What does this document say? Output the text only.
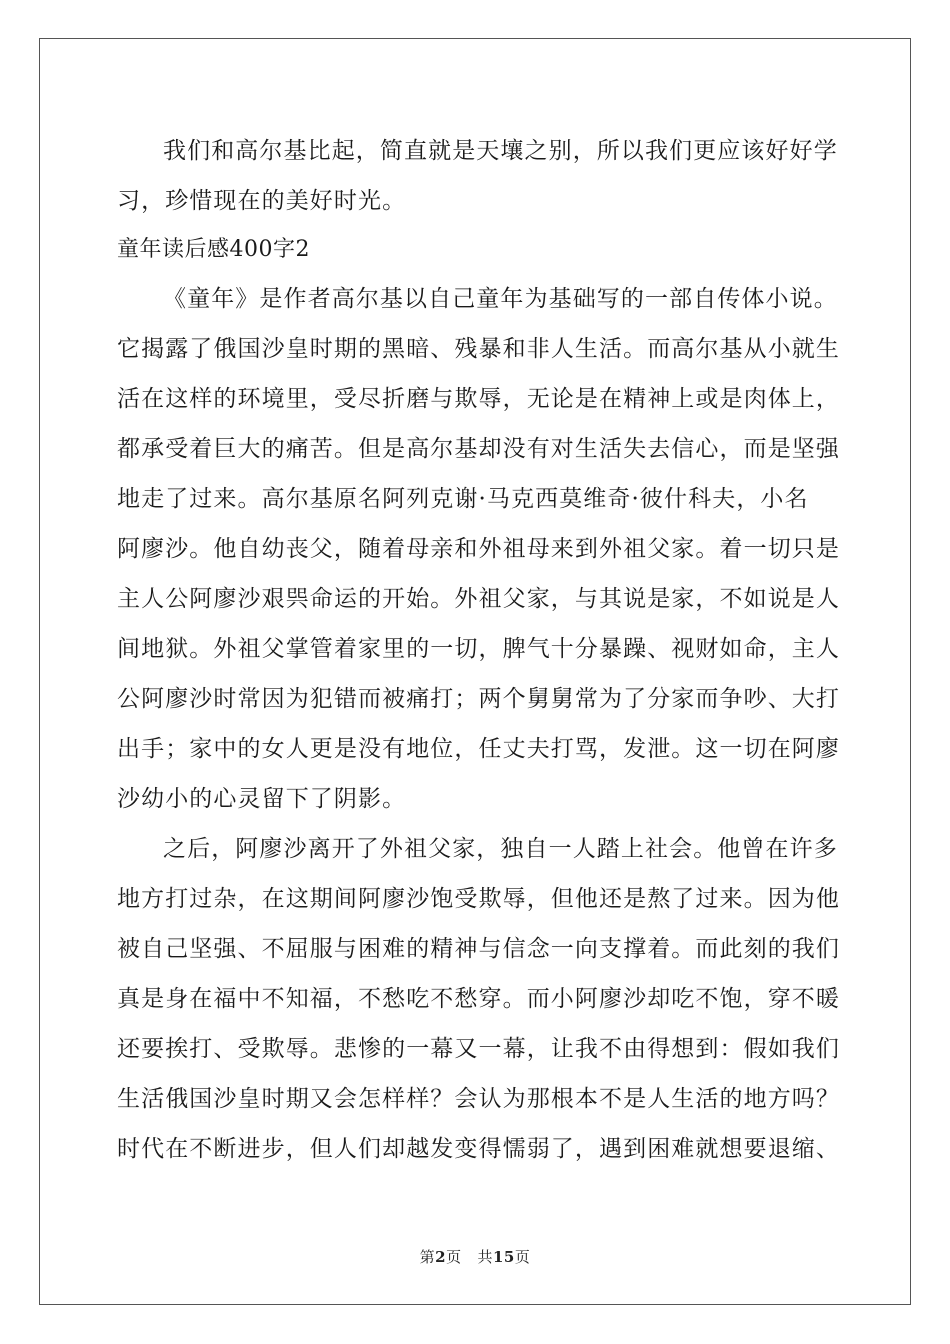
我们和高尔基比起，简直就是天壤之别，所以我们更应该好好学
习，珍惜现在的美好时光。
童年读后感400字2
《童年》是作者高尔基以自己童年为基础写的一部自传体小说。
它揭露了俄国沙皇时期的黑暗、残暴和非人生活。而高尔基从小就生
活在这样的环境里，受尽折磨与欺辱，无论是在精神上或是肉体上，
都承受着巨大的痛苦。但是高尔基却没有对生活失去信心，而是坚强
地走了过来。高尔基原名阿列克谢·马克西莫维奇·彼什科夫，小名
阿廖沙。他自幼丧父，随着母亲和外祖母来到外祖父家。着一切只是
主人公阿廖沙艰巺命运的开始。外祖父家，与其说是家，不如说是人
间地狱。外祖父掌管着家里的一切，脾气十分暴躁、视财如命，主人
公阿廖沙时常因为犯错而被痛打；两个舅舅常为了分家而争吵、大打
出手；家中的女人更是没有地位，任丈夫打骂，发泄。这一切在阿廖
沙幼小的心灵留下了阴影。
之后，阿廖沙离开了外祖父家，独自一人踏上社会。他曾在许多
地方打过杂，在这期间阿廖沙饱受欺辱，但他还是熬了过来。因为他
被自己坚强、不屈服与困难的精神与信念一向支撑着。而此刻的我们
真是身在福中不知福，不愁吃不愁穿。而小阿廖沙却吃不饱，穿不暖
还要挨打、受欺辱。悲惨的一幕又一幕，让我不由得想到：假如我们
生活俄国沙皇时期又会怎样样？会认为那根本不是人生活的地方吗？
时代在不断进步，但人们却越发变得懦弱了，遇到困难就想要退缩、
第2页 共15页
